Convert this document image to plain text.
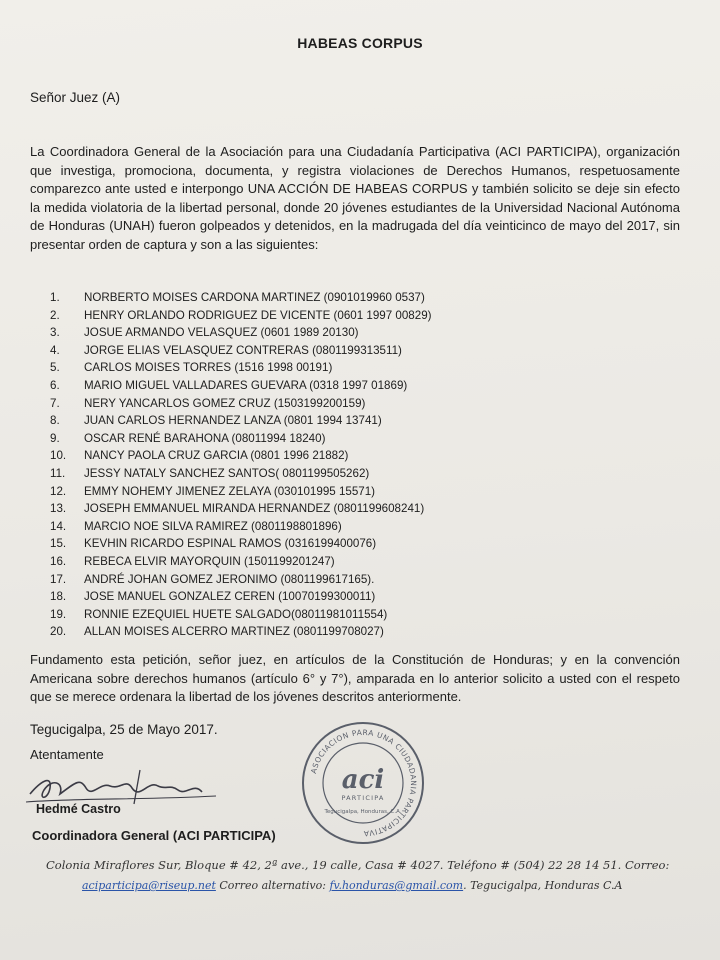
HABEAS CORPUS
Señor Juez (A)
La Coordinadora General de la Asociación para una Ciudadanía Participativa (ACI PARTICIPA), organización que investiga, promociona, documenta, y registra violaciones de Derechos Humanos, respetuosamente comparezco ante usted e interpongo UNA ACCIÓN DE HABEAS CORPUS y también solicito se deje sin efecto la medida violatoria de la libertad personal, donde 20 jóvenes estudiantes de la Universidad Nacional Autónoma de Honduras (UNAH) fueron golpeados y detenidos, en la madrugada del día veinticinco de mayo del 2017, sin presentar orden de captura y son a las siguientes:
1. NORBERTO MOISES CARDONA MARTINEZ (0901019960 0537)
2. HENRY ORLANDO RODRIGUEZ DE VICENTE (0601 1997 00829)
3. JOSUE ARMANDO VELASQUEZ (0601 1989 20130)
4. JORGE ELIAS VELASQUEZ CONTRERAS (0801199313511)
5. CARLOS MOISES TORRES (1516 1998 00191)
6. MARIO MIGUEL VALLADARES GUEVARA (0318 1997 01869)
7. NERY YANCARLOS GOMEZ CRUZ (1503199200159)
8. JUAN CARLOS HERNANDEZ LANZA (0801 1994 13741)
9. OSCAR RENÉ BARAHONA (08011994 18240)
10. NANCY PAOLA CRUZ GARCIA (0801 1996 21882)
11. JESSY NATALY SANCHEZ SANTOS( 0801199505262)
12. EMMY NOHEMY JIMENEZ ZELAYA (030101995 15571)
13. JOSEPH EMMANUEL MIRANDA HERNANDEZ (0801199608241)
14. MARCIO NOE SILVA RAMIREZ (0801198801896)
15. KEVHIN RICARDO ESPINAL RAMOS (0316199400076)
16. REBECA ELVIR MAYORQUIN (1501199201247)
17. ANDRÉ JOHAN GOMEZ JERONIMO (0801199617165).
18. JOSE MANUEL GONZALEZ CEREN (10070199300011)
19. RONNIE EZEQUIEL HUETE SALGADO(08011981011554)
20. ALLAN MOISES ALCERRO MARTINEZ (0801199708027)
Fundamento esta petición, señor juez, en artículos de la Constitución de Honduras; y en la convención Americana sobre derechos humanos (artículo 6° y 7°), amparada en lo anterior solicito a usted con el respeto que se merece ordenara la libertad de los jóvenes descritos anteriormente.
Tegucigalpa, 25 de Mayo 2017.
Atentamente
Hedmé Castro
Coordinadora General (ACI PARTICIPA)
ASOCIACION PARA UNA CIUDADANIA PARTICIPATIVA
aci
PARTICIPA
Tegucigalpa, Honduras, C.A.
Colonia Miraflores Sur, Bloque # 42, 2ª ave., 19 calle, Casa # 4027. Teléfono # (504) 22 28 14 51. Correo:
aciparticipa@riseup.net Correo alternativo: fv.honduras@gmail.com. Tegucigalpa, Honduras C.A
